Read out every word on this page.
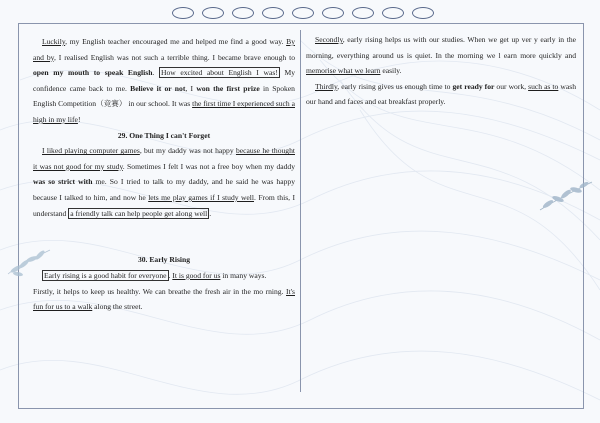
Luckily, my English teacher encouraged me and helped me find a good way. By and by, I realised English was not such a terrible thing. I became brave enough to open my mouth to speak English. How excited about English I was! My confidence came back to me. Believe it or not, I won the first prize in Spoken English Competition（竞赛） in our school. It was the first time I experienced such a high in my life!

29. One Thing I can't Forget

I liked playing computer games, but my daddy was not happy because he thought it was not good for my study. Sometimes I felt I was not a free boy when my daddy was so strict with me. So I tried to talk to my daddy, and he said he was happy because I talked to him, and now he lets me play games if I study well. From this, I understand a friendly talk can help people get along well .

30. Early Rising

Early rising is a good habit for everyone . It is good for us in many ways.

Firstly, it helps to keep us healthy. We can breathe the fresh air in the mo rning. It's fun for us to a walk along the street.

Secondly, early rising helps us with our studies. When we get up ver y early in the morning, everything around us is quiet. In the morning we l earn more quickly and memorise what we learn easily.

Thirdly, early rising gives us enough time to get ready for our work, such as to wash our hand and faces and eat breakfast properly.
